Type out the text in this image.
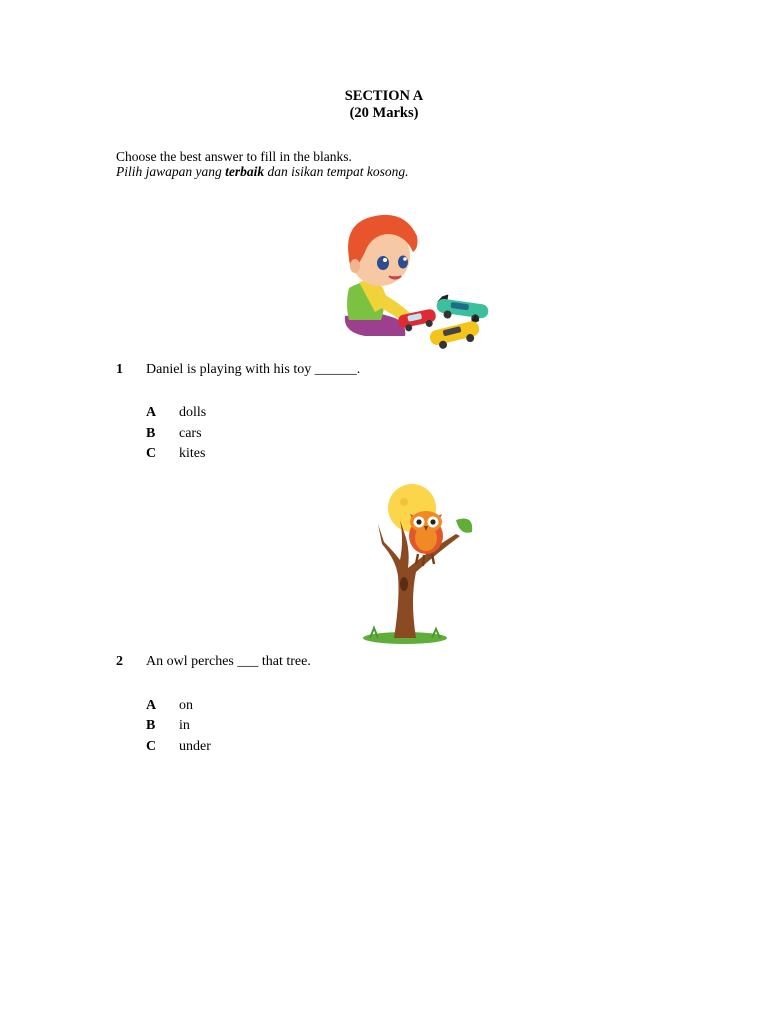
SECTION A
(20 Marks)
Choose the best answer to fill in the blanks.
Pilih jawapan yang terbaik dan isikan tempat kosong.
1 Daniel is playing with his toy ______.
A dolls
B cars
C kites
2 An owl perches ___ that tree.
A on
B in
C under
